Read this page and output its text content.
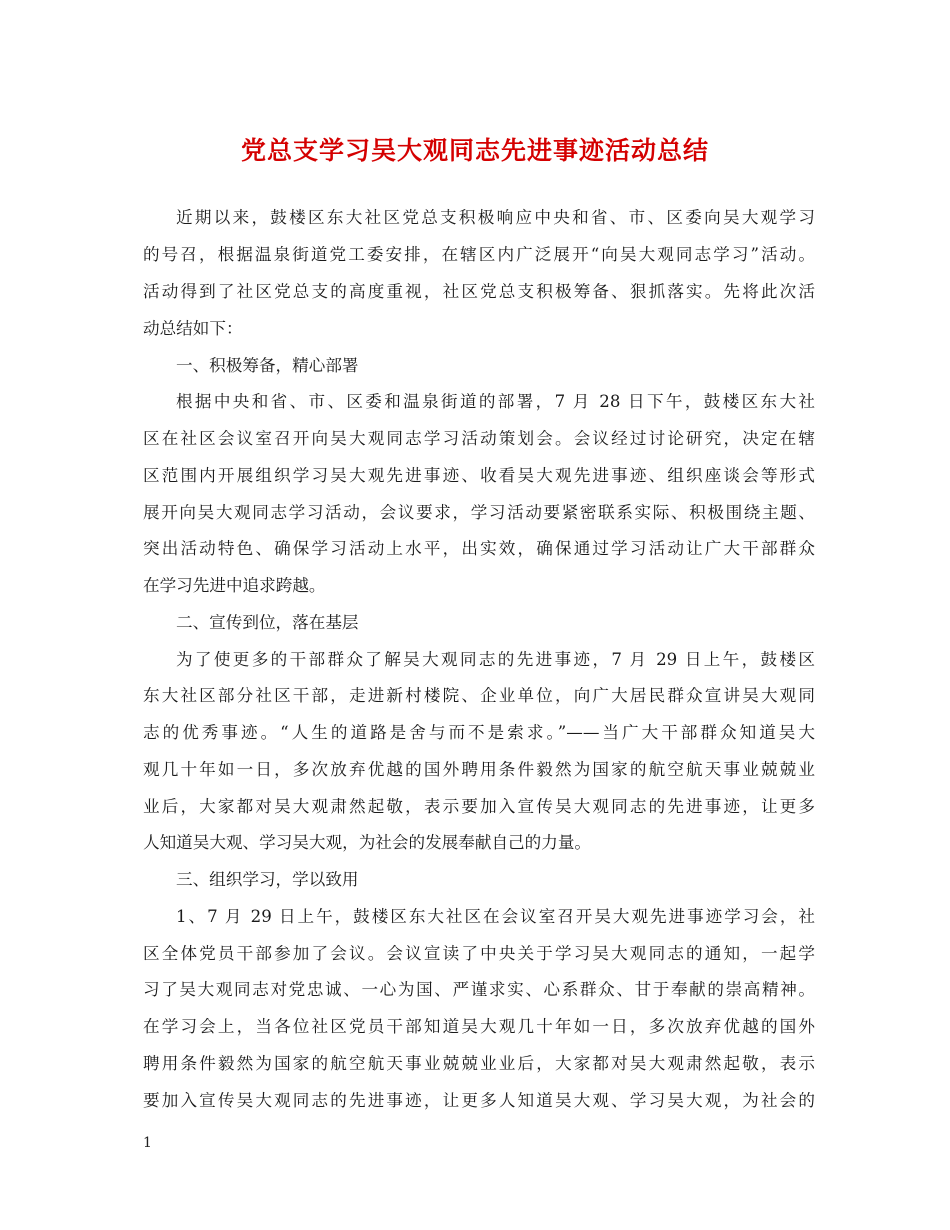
党总支学习吴大观同志先进事迹活动总结
近期以来，鼓楼区东大社区党总支积极响应中央和省、市、区委向吴大观学习
的号召，根据温泉街道党工委安排，在辖区内广泛展开“向吴大观同志学习”活动。
活动得到了社区党总支的高度重视，社区党总支积极筹备、狠抓落实。先将此次活
动总结如下：
一、积极筹备，精心部署
根据中央和省、市、区委和温泉街道的部署，7 月 28 日下午，鼓楼区东大社
区在社区会议室召开向吴大观同志学习活动策划会。会议经过讨论研究，决定在辖
区范围内开展组织学习吴大观先进事迹、收看吴大观先进事迹、组织座谈会等形式
展开向吴大观同志学习活动，会议要求，学习活动要紧密联系实际、积极围绕主题、
突出活动特色、确保学习活动上水平，出实效，确保通过学习活动让广大干部群众
在学习先进中追求跨越。
二、宣传到位，落在基层
为了使更多的干部群众了解吴大观同志的先进事迹，7 月 29 日上午，鼓楼区
东大社区部分社区干部，走进新村楼院、企业单位，向广大居民群众宣讲吴大观同
志的优秀事迹。“人生的道路是舍与而不是索求。”——当广大干部群众知道吴大
观几十年如一日，多次放弃优越的国外聘用条件毅然为国家的航空航天事业兢兢业
业后，大家都对吴大观肃然起敬，表示要加入宣传吴大观同志的先进事迹，让更多
人知道吴大观、学习吴大观，为社会的发展奉献自己的力量。
三、组织学习，学以致用
1、7 月 29 日上午，鼓楼区东大社区在会议室召开吴大观先进事迹学习会，社
区全体党员干部参加了会议。会议宣读了中央关于学习吴大观同志的通知，一起学
习了吴大观同志对党忠诚、一心为国、严谨求实、心系群众、甘于奉献的崇高精神。
在学习会上，当各位社区党员干部知道吴大观几十年如一日，多次放弃优越的国外
聘用条件毅然为国家的航空航天事业兢兢业业后，大家都对吴大观肃然起敬，表示
要加入宣传吴大观同志的先进事迹，让更多人知道吴大观、学习吴大观，为社会的
1
